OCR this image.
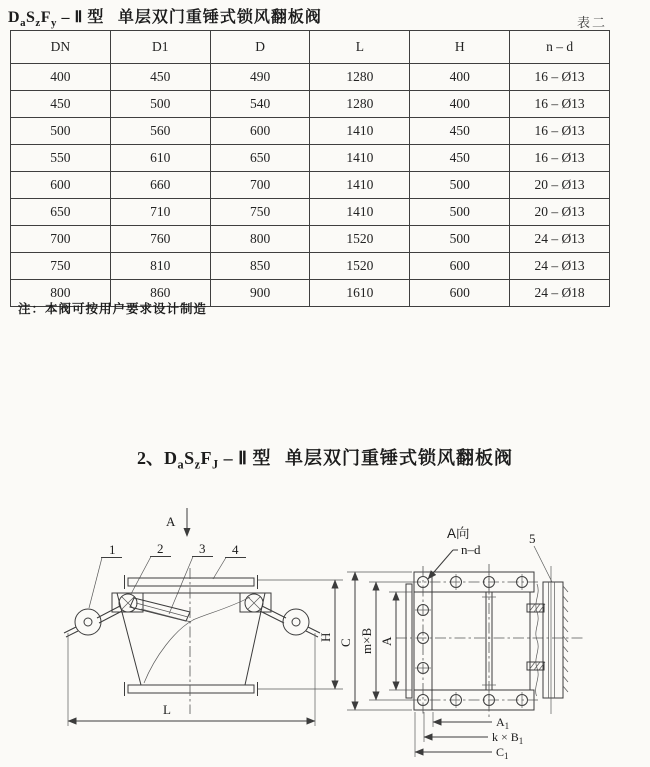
$D_aS_zF_y$ – Ⅱ 型 单层双门重锤式锁风翻板阀	表二
DN	D1	D	L	H	n – d
400	450	490	1280	400	16 – Ø13
450	500	540	1280	400	16 – Ø13
500	560	600	1410	450	16 – Ø13
550	610	650	1410	450	16 – Ø13
600	660	700	1410	500	20 – Ø13
650	710	750	1410	500	20 – Ø13
700	760	800	1520	500	24 – Ø13
750	810	850	1520	600	24 – Ø13
800	860	900	1610	600	24 – Ø18
注：本阀可按用户要求设计制造
2、$D_aS_zF_J$ – Ⅱ 型 单层双门重锤式锁风翻板阀
A
1	2	3 4
H
L
A向
n–d
5
C m×B A
$A_1$
$k \times B_1$
$C_1$
